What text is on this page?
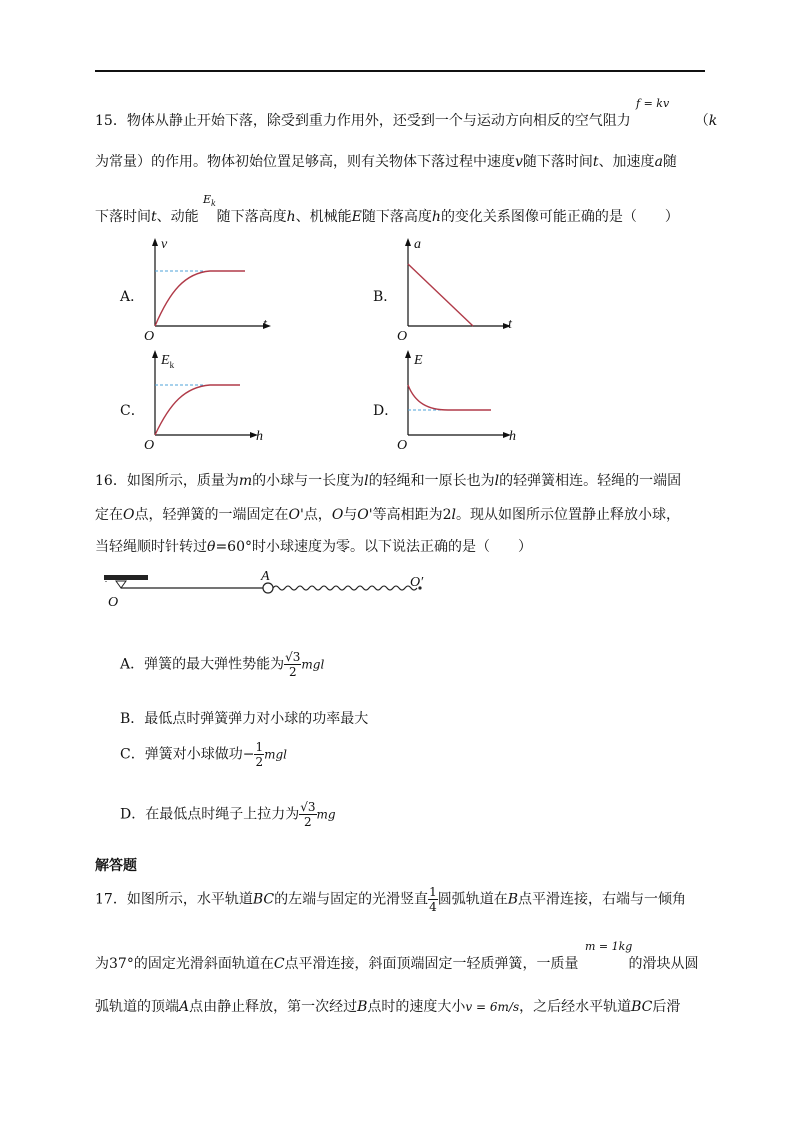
f = kv
15．物体从静止开始下落，除受到重力作用外，还受到一个与运动方向相反的空气阻力	（k
为常量）的作用。物体初始位置足够高，则有关物体下落过程中速度v随下落时间t、加速度a随
$E_k$
下落时间t、动能 随下落高度h、机械能E随下落高度h的变化关系图像可能正确的是（　　）
A．
v
t
O
B．
a
t
O
C．
$E_k$
h
O
D．
E
h
O
16．如图所示，质量为m的小球与一长度为l的轻绳和一原长也为l的轻弹簧相连。轻绳的一端固
定在O点，轻弹簧的一端固定在O'点，O与O'等高相距为2l。现从如图所示位置静止释放小球，
当轻绳顺时针转过θ=60°时小球速度为零。以下说法正确的是（　　）
O
A	O′
A．弹簧的最大弹性势能为 $\frac{√3}{2}$ mgl
B．最低点时弹簧弹力对小球的功率最大
C．弹簧对小球做功− $\frac{1}{2}$ mgl
D．在最低点时绳子上拉力为 $\frac{√3}{2}$ mg
解答题
17．如图所示，水平轨道BC的左端与固定的光滑竖直 $\frac{1}{4}$ 圆弧轨道在B点平滑连接，右端与一倾角
m = 1kg
为37°的固定光滑斜面轨道在C点平滑连接，斜面顶端固定一轻质弹簧，一质量	的滑块从圆
弧轨道的顶端A点由静止释放，第一次经过B点时的速度大小v = 6m/s，之后经水平轨道BC后滑
